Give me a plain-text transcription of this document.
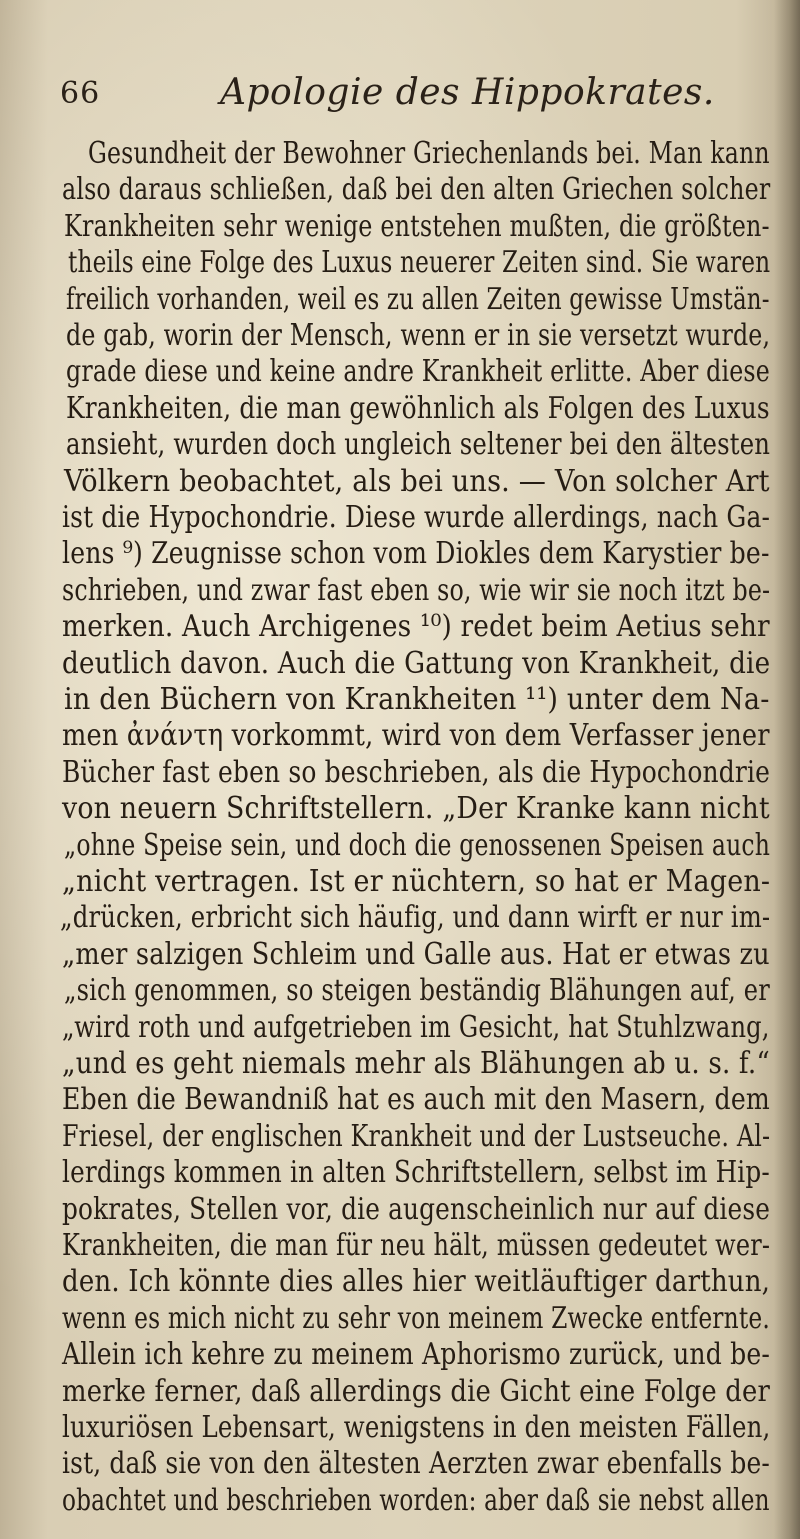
66	Apologie des Hippokrates.
Gesundheit der Bewohner Griechenlands bei. Man kann
also daraus schließen, daß bei den alten Griechen solcher
Krankheiten sehr wenige entstehen mußten, die größten-
theils eine Folge des Luxus neuerer Zeiten sind. Sie waren
freilich vorhanden, weil es zu allen Zeiten gewisse Umstän-
de gab, worin der Mensch, wenn er in sie versetzt wurde,
grade diese und keine andre Krankheit erlitte. Aber diese
Krankheiten, die man gewöhnlich als Folgen des Luxus
ansieht, wurden doch ungleich seltener bei den ältesten
Völkern beobachtet, als bei uns. — Von solcher Art
ist die Hypochondrie. Diese wurde allerdings, nach Ga-
lens ⁹) Zeugnisse schon vom Diokles dem Karystier be-
schrieben, und zwar fast eben so, wie wir sie noch itzt be-
merken. Auch Archigenes ¹⁰) redet beim Aetius sehr
deutlich davon. Auch die Gattung von Krankheit, die
in den Büchern von Krankheiten ¹¹) unter dem Na-
men ἀνάντη vorkommt, wird von dem Verfasser jener
Bücher fast eben so beschrieben, als die Hypochondrie
von neuern Schriftstellern. „Der Kranke kann nicht
„ohne Speise sein, und doch die genossenen Speisen auch
„nicht vertragen. Ist er nüchtern, so hat er Magen-
„drücken, erbricht sich häufig, und dann wirft er nur im-
„mer salzigen Schleim und Galle aus. Hat er etwas zu
„sich genommen, so steigen beständig Blähungen auf, er
„wird roth und aufgetrieben im Gesicht, hat Stuhlzwang,
„und es geht niemals mehr als Blähungen ab u. s. f.“
Eben die Bewandniß hat es auch mit den Masern, dem
Friesel, der englischen Krankheit und der Lustseuche. Al-
lerdings kommen in alten Schriftstellern, selbst im Hip-
pokrates, Stellen vor, die augenscheinlich nur auf diese
Krankheiten, die man für neu hält, müssen gedeutet wer-
den. Ich könnte dies alles hier weitläuftiger darthun,
wenn es mich nicht zu sehr von meinem Zwecke entfernte.
Allein ich kehre zu meinem Aphorismo zurück, und be-
merke ferner, daß allerdings die Gicht eine Folge der
luxuriösen Lebensart, wenigstens in den meisten Fällen,
ist, daß sie von den ältesten Aerzten zwar ebenfalls be-
obachtet und beschrieben worden: aber daß sie nebst allen
